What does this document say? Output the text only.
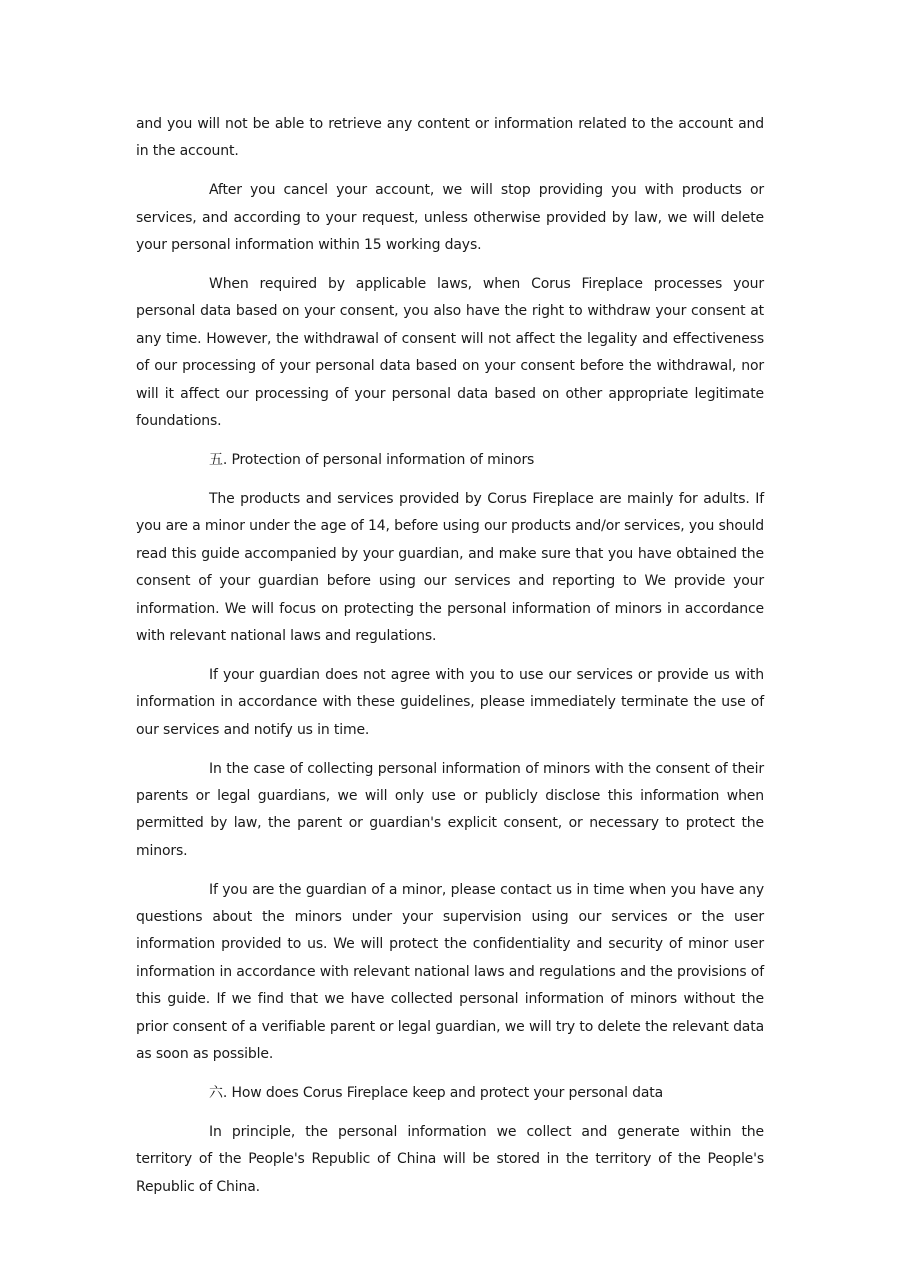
and you will not be able to retrieve any content or information related to the account and in the account.

After you cancel your account, we will stop providing you with products or services, and according to your request, unless otherwise provided by law, we will delete your personal information within 15 working days.

When required by applicable laws, when Corus Fireplace processes your personal data based on your consent, you also have the right to withdraw your consent at any time. However, the withdrawal of consent will not affect the legality and effectiveness of our processing of your personal data based on your consent before the withdrawal, nor will it affect our processing of your personal data based on other appropriate legitimate foundations.

五. Protection of personal information of minors

The products and services provided by Corus Fireplace are mainly for adults. If you are a minor under the age of 14, before using our products and/or services, you should read this guide accompanied by your guardian, and make sure that you have obtained the consent of your guardian before using our services and reporting to We provide your information. We will focus on protecting the personal information of minors in accordance with relevant national laws and regulations.

If your guardian does not agree with you to use our services or provide us with information in accordance with these guidelines, please immediately terminate the use of our services and notify us in time.

In the case of collecting personal information of minors with the consent of their parents or legal guardians, we will only use or publicly disclose this information when permitted by law, the parent or guardian's explicit consent, or necessary to protect the minors.

If you are the guardian of a minor, please contact us in time when you have any questions about the minors under your supervision using our services or the user information provided to us. We will protect the confidentiality and security of minor user information in accordance with relevant national laws and regulations and the provisions of this guide. If we find that we have collected personal information of minors without the prior consent of a verifiable parent or legal guardian, we will try to delete the relevant data as soon as possible.

六. How does Corus Fireplace keep and protect your personal data

In principle, the personal information we collect and generate within the territory of the People's Republic of China will be stored in the territory of the People's Republic of China.
